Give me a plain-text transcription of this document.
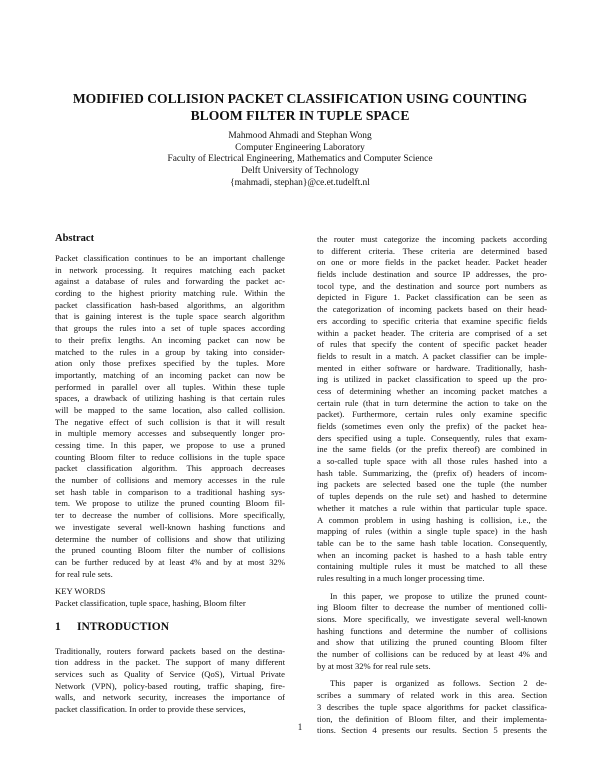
MODIFIED COLLISION PACKET CLASSIFICATION USING COUNTING
BLOOM FILTER IN TUPLE SPACE
Mahmood Ahmadi and Stephan Wong
Computer Engineering Laboratory
Faculty of Electrical Engineering, Mathematics and Computer Science
Delft University of Technology
{mahmadi, stephan}@ce.et.tudelft.nl
Abstract
Packet classification continues to be an important challenge
in network processing. It requires matching each packet
against a database of rules and forwarding the packet ac-
cording to the highest priority matching rule. Within the
packet classification hash-based algorithms, an algorithm
that is gaining interest is the tuple space search algorithm
that groups the rules into a set of tuple spaces according
to their prefix lengths. An incoming packet can now be
matched to the rules in a group by taking into consider-
ation only those prefixes specified by the tuples. More
importantly, matching of an incoming packet can now be
performed in parallel over all tuples. Within these tuple
spaces, a drawback of utilizing hashing is that certain rules
will be mapped to the same location, also called collision.
The negative effect of such collision is that it will result
in multiple memory accesses and subsequently longer pro-
cessing time. In this paper, we propose to use a pruned
counting Bloom filter to reduce collisions in the tuple space
packet classification algorithm. This approach decreases
the number of collisions and memory accesses in the rule
set hash table in comparison to a traditional hashing sys-
tem. We propose to utilize the pruned counting Bloom fil-
ter to decrease the number of collisions. More specifically,
we investigate several well-known hashing functions and
determine the number of collisions and show that utilizing
the pruned counting Bloom filter the number of collisions
can be further reduced by at least 4% and by at most 32%
for real rule sets.
KEY WORDS
Packet classification, tuple space, hashing, Bloom filter
1 INTRODUCTION
Traditionally, routers forward packets based on the destina-
tion address in the packet. The support of many different
services such as Quality of Service (QoS), Virtual Private
Network (VPN), policy-based routing, traffic shaping, fire-
walls, and network security, increases the importance of
packet classification. In order to provide these services,
the router must categorize the incoming packets according
to different criteria. These criteria are determined based
on one or more fields in the packet header. Packet header
fields include destination and source IP addresses, the pro-
tocol type, and the destination and source port numbers as
depicted in Figure 1. Packet classification can be seen as
the categorization of incoming packets based on their head-
ers according to specific criteria that examine specific fields
within a packet header. The criteria are comprised of a set
of rules that specify the content of specific packet header
fields to result in a match. A packet classifier can be imple-
mented in either software or hardware. Traditionally, hash-
ing is utilized in packet classification to speed up the pro-
cess of determining whether an incoming packet matches a
certain rule (that in turn determine the action to take on the
packet). Furthermore, certain rules only examine specific
fields (sometimes even only the prefix) of the packet hea-
ders specified using a tuple. Consequently, rules that exam-
ine the same fields (or the prefix thereof) are combined in
a so-called tuple space with all those rules hashed into a
hash table. Summarizing, the (prefix of) headers of incom-
ing packets are selected based one the tuple (the number
of tuples depends on the rule set) and hashed to determine
whether it matches a rule within that particular tuple space.
A common problem in using hashing is collision, i.e., the
mapping of rules (within a single tuple space) in the hash
table can be to the same hash table location. Consequently,
when an incoming packet is hashed to a hash table entry
containing multiple rules it must be matched to all these
rules resulting in a much longer processing time.
In this paper, we propose to utilize the pruned count-
ing Bloom filter to decrease the number of mentioned colli-
sions. More specifically, we investigate several well-known
hashing functions and determine the number of collisions
and show that utilizing the pruned counting Bloom filter
the number of collisions can be reduced by at least 4% and
by at most 32% for real rule sets.
This paper is organized as follows. Section 2 de-
scribes a summary of related work in this area. Section
3 describes the tuple space algorithms for packet classifica-
tion, the definition of Bloom filter, and their implementa-
tions. Section 4 presents our results. Section 5 presents the
1
